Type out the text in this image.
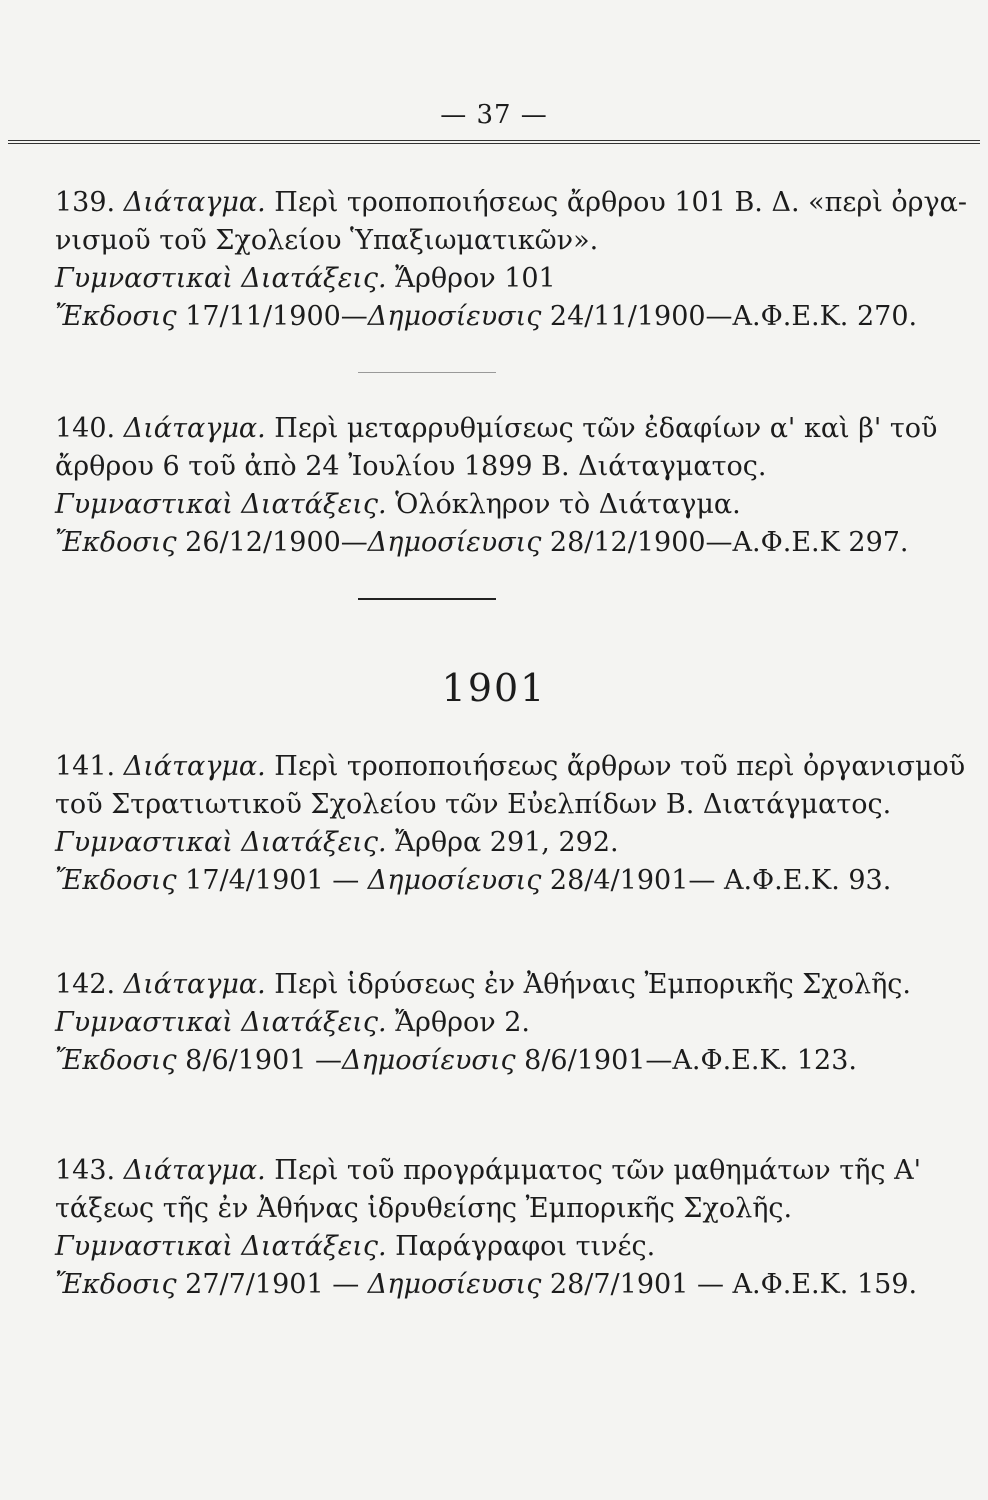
— 37 —
139. Διάταγμα. Περὶ τροποποιήσεως ἄρθρου 101 Β. Δ. «περὶ ὀργα-
νισμοῦ τοῦ Σχολείου Ὑπαξιωματικῶν».
Γυμναστικαὶ Διατάξεις. Ἄρθρον 101
Ἔκδοσις 17/11/1900—Δημοσίευσις 24/11/1900—Α.Φ.Ε.Κ. 270.
140. Διάταγμα. Περὶ μεταρρυθμίσεως τῶν ἐδαφίων α' καὶ β' τοῦ
ἄρθρου 6 τοῦ ἀπὸ 24 Ἰουλίου 1899 Β. Διάταγματος.
Γυμναστικαὶ Διατάξεις. Ὁλόκληρον τὸ Διάταγμα.
Ἔκδοσις 26/12/1900—Δημοσίευσις 28/12/1900—Α.Φ.Ε.Κ 297.
1901
141. Διάταγμα. Περὶ τροποποιήσεως ἄρθρων τοῦ περὶ ὀργανισμοῦ
τοῦ Στρατιωτικοῦ Σχολείου τῶν Εὐελπίδων Β. Διατάγματος.
Γυμναστικαὶ Διατάξεις. Ἄρθρα 291, 292.
Ἔκδοσις 17/4/1901 — Δημοσίευσις 28/4/1901— Α.Φ.Ε.Κ. 93.
142. Διάταγμα. Περὶ ἱδρύσεως ἐν Ἀθήναις Ἐμπορικῆς Σχολῆς.
Γυμναστικαὶ Διατάξεις. Ἄρθρον 2.
Ἔκδοσις 8/6/1901 —Δημοσίευσις 8/6/1901—Α.Φ.Ε.Κ. 123.
143. Διάταγμα. Περὶ τοῦ προγράμματος τῶν μαθημάτων τῆς Α'
τάξεως τῆς ἐν Ἀθήνας ἱδρυθείσης Ἐμπορικῆς Σχολῆς.
Γυμναστικαὶ Διατάξεις. Παράγραφοι τινές.
Ἔκδοσις 27/7/1901 — Δημοσίευσις 28/7/1901 — Α.Φ.Ε.Κ. 159.
